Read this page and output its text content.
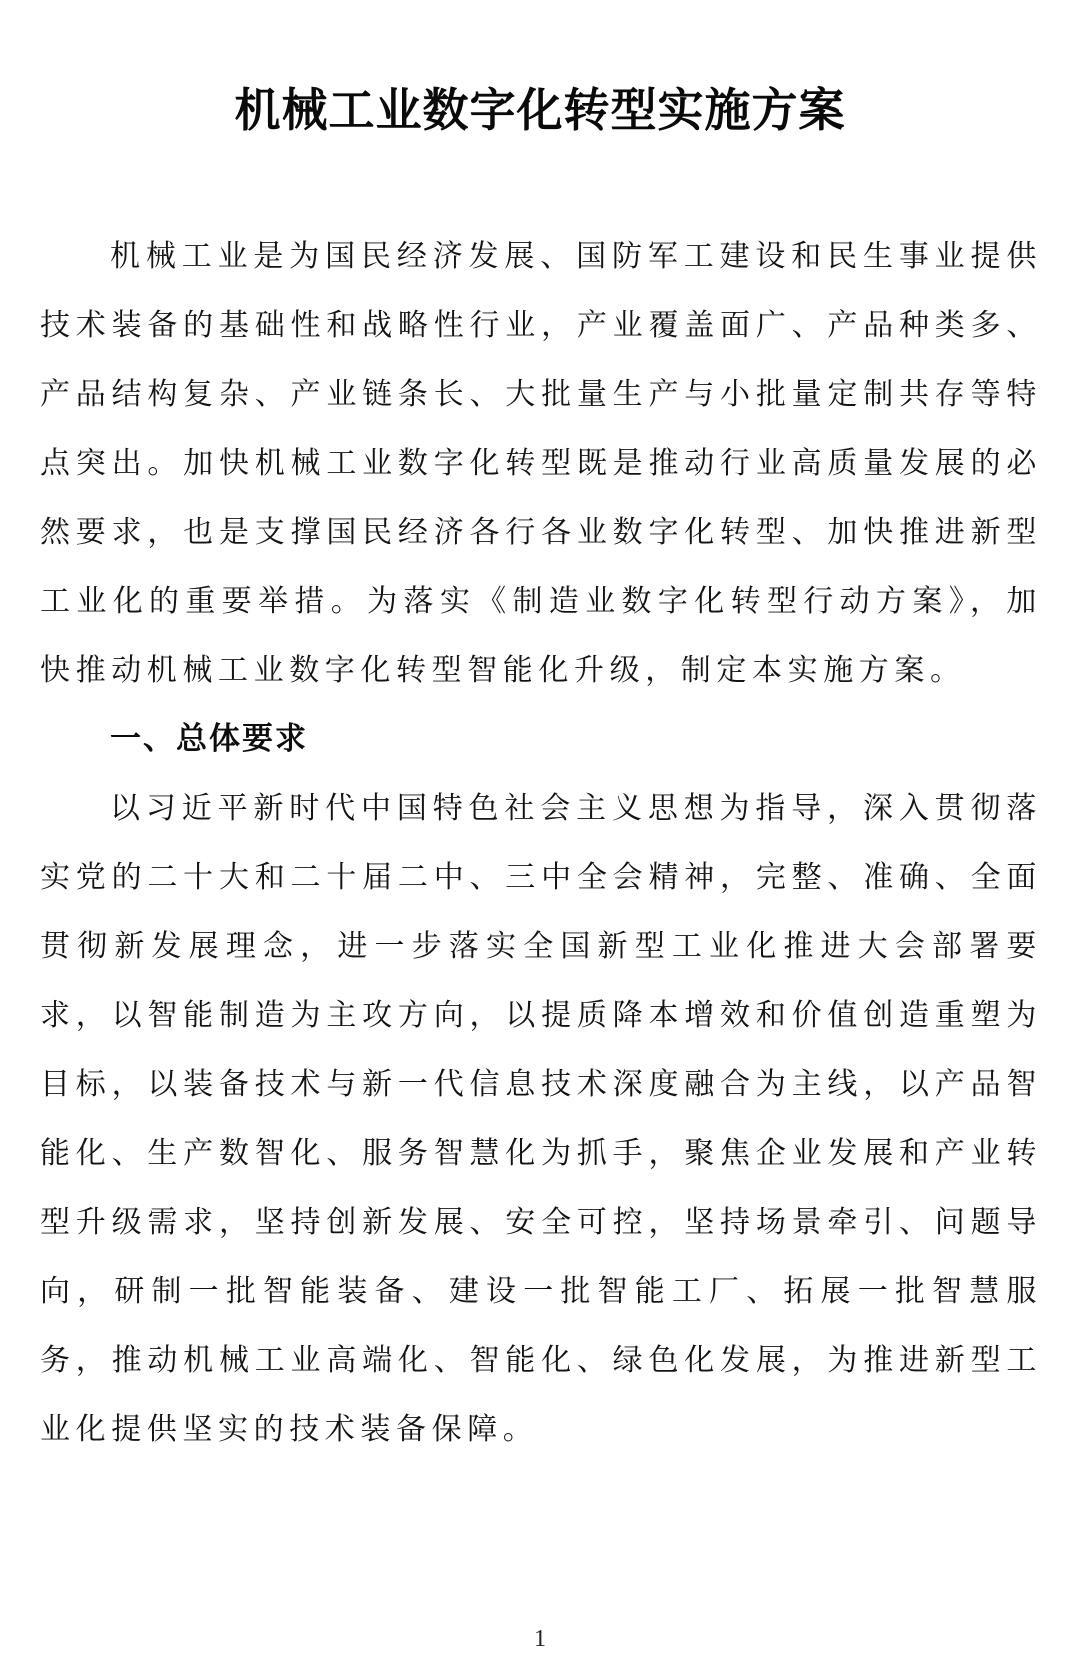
机械工业数字化转型实施方案

机械工业是为国民经济发展、国防军工建设和民生事业提供技术装备的基础性和战略性行业，产业覆盖面广、产品种类多、产品结构复杂、产业链条长、大批量生产与小批量定制共存等特点突出。加快机械工业数字化转型既是推动行业高质量发展的必然要求，也是支撑国民经济各行各业数字化转型、加快推进新型工业化的重要举措。为落实《制造业数字化转型行动方案》，加快推动机械工业数字化转型智能化升级，制定本实施方案。

一、总体要求

以习近平新时代中国特色社会主义思想为指导，深入贯彻落实党的二十大和二十届二中、三中全会精神，完整、准确、全面贯彻新发展理念，进一步落实全国新型工业化推进大会部署要求，以智能制造为主攻方向，以提质降本增效和价值创造重塑为目标，以装备技术与新一代信息技术深度融合为主线，以产品智能化、生产数智化、服务智慧化为抓手，聚焦企业发展和产业转型升级需求，坚持创新发展、安全可控，坚持场景牵引、问题导向，研制一批智能装备、建设一批智能工厂、拓展一批智慧服务，推动机械工业高端化、智能化、绿色化发展，为推进新型工业化提供坚实的技术装备保障。

1
